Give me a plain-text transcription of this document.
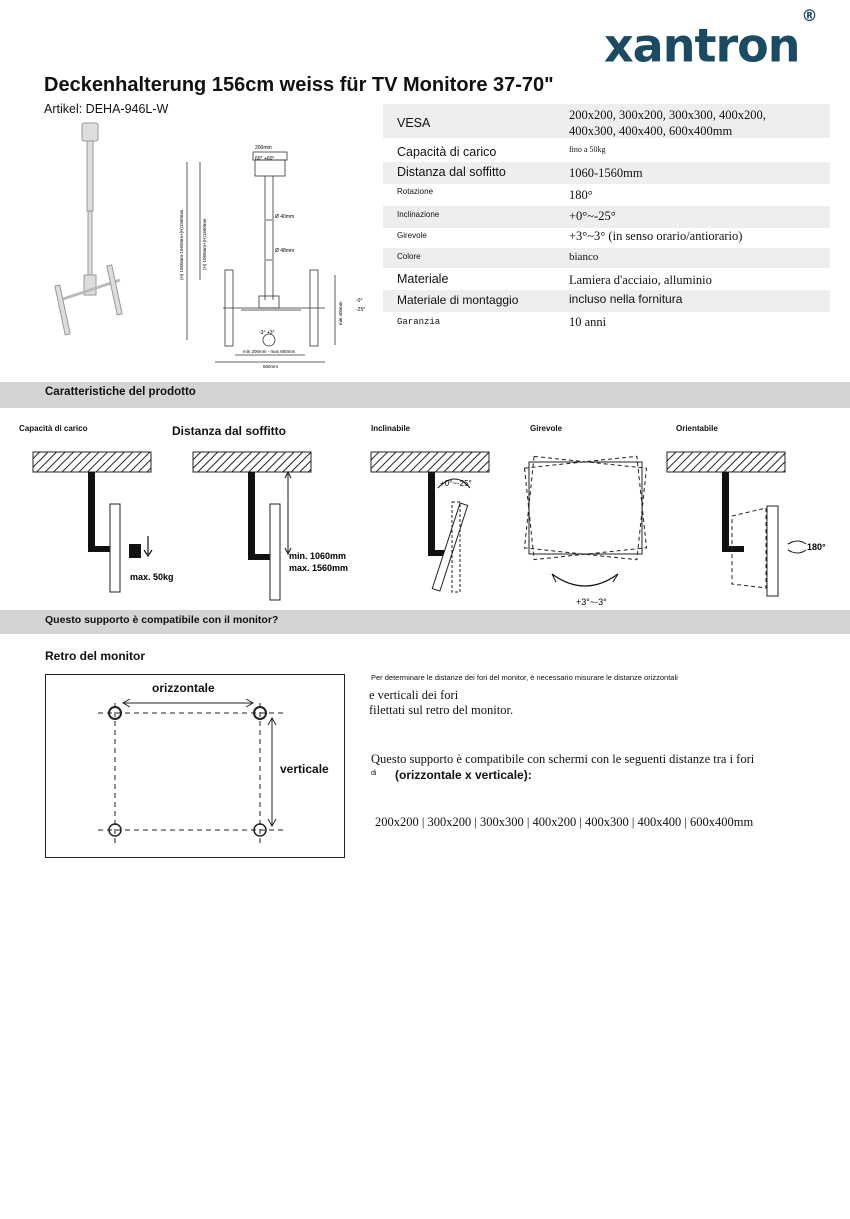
xantron®
Deckenhalterung 156cm weiss für TV Monitore 37-70"
Artikel: DEHA-946L-W
200mm
60° +60°
Ø 40mm
Ø 48mm
(H) 1060mm-1560mm+(H)1560mm	(H) 1060mm+(H)1560mm
min 400mm
-0°
-25°
-3° +3°
min 200mm - max 600mm
660mm
VESA
200x200, 300x200, 300x300, 400x200,
400x300, 400x400, 600x400mm
Capacità di carico	fino a 50kg
Distanza dal soffitto	1060-1560mm
Rotazione	180°
Inclinazione	+0°~-25°
Girevole	+3°~3° (in senso orario/antiorario)
Colore	bianco
Materiale	Lamiera d'acciaio, alluminio
Materiale di montaggio	incluso nella fornitura
Garanzia	10 anni
Caratteristiche del prodotto
Capacità di carico	Distanza dal soffitto	Inclinabile	Girevole	Orientabile
max. 50kg
min. 1060mm
max. 1560mm
+0°~-25°
+3°~-3°
180°
Questo supporto è compatibile con il monitor?
Retro del monitor
orizzontale
verticale
Per determinare le distanze dei fori del monitor, è necessario misurare le distanze orizzontali
e verticali dei fori
filettati sul retro del monitor.
Questo supporto è compatibile con schermi con le seguenti distanze tra i fori
di (orizzontale x verticale):
200x200 | 300x200 | 300x300 | 400x200 | 400x300 | 400x400 | 600x400mm
